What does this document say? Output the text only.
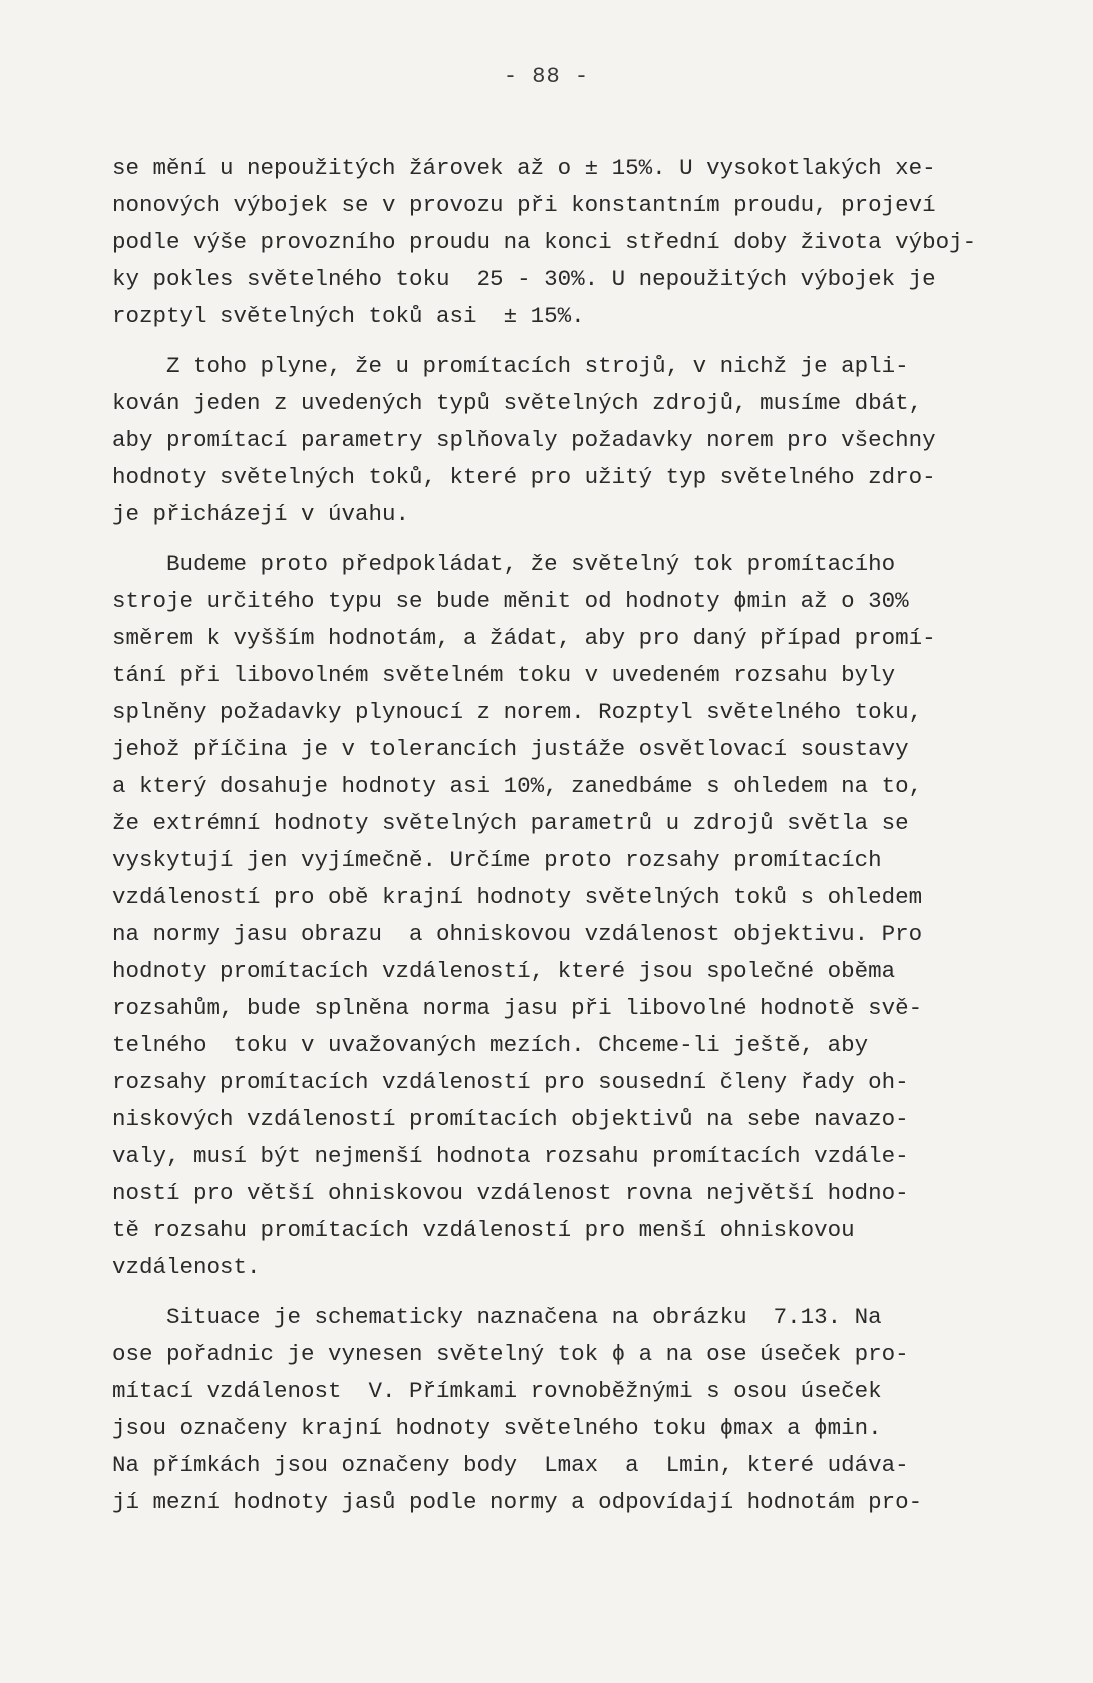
- 88 -
se mění u nepoužitých žárovek až o ± 15%. U vysokotlakých xe-
nonových výbojek se v provozu při konstantním proudu, projeví
podle výše provozního proudu na konci střední doby života výboj-
ky pokles světelného toku  25 - 30%. U nepoužitých výbojek je
rozptyl světelných toků asi  ± 15%.
Z toho plyne, že u promítacích strojů, v nichž je apli-
kován jeden z uvedených typů světelných zdrojů, musíme dbát,
aby promítací parametry splňovaly požadavky norem pro všechny
hodnoty světelných toků, které pro užitý typ světelného zdro-
je přicházejí v úvahu.
Budeme proto předpokládat, že světelný tok promítacího
stroje určitého typu se bude měnit od hodnoty ϕmin až o 30%
směrem k vyšším hodnotám, a žádat, aby pro daný případ promí-
tání při libovolném světelném toku v uvedeném rozsahu byly
splněny požadavky plynoucí z norem. Rozptyl světelného toku,
jehož příčina je v tolerancích justáže osvětlovací soustavy
a který dosahuje hodnoty asi 10%, zanedbáme s ohledem na to,
že extrémní hodnoty světelných parametrů u zdrojů světla se
vyskytují jen vyjímečně. Určíme proto rozsahy promítacích
vzdáleností pro obě krajní hodnoty světelných toků s ohledem
na normy jasu obrazu  a ohniskovou vzdálenost objektivu. Pro
hodnoty promítacích vzdáleností, které jsou společné oběma
rozsahům, bude splněna norma jasu při libovolné hodnotě svě-
telného  toku v uvažovaných mezích. Chceme-li ještě, aby
rozsahy promítacích vzdáleností pro sousední členy řady oh-
niskových vzdáleností promítacích objektivů na sebe navazo-
valy, musí být nejmenší hodnota rozsahu promítacích vzdále-
ností pro větší ohniskovou vzdálenost rovna největší hodno-
tě rozsahu promítacích vzdáleností pro menší ohniskovou
vzdálenost.
Situace je schematicky naznačena na obrázku  7.13. Na
ose pořadnic je vynesen světelný tok ϕ a na ose úseček pro-
mítací vzdálenost  V. Přímkami rovnoběžnými s osou úseček
jsou označeny krajní hodnoty světelného toku ϕmax a ϕmin.
Na přímkách jsou označeny body  Lmax  a  Lmin, které udáva-
jí mezní hodnoty jasů podle normy a odpovídají hodnotám pro-
